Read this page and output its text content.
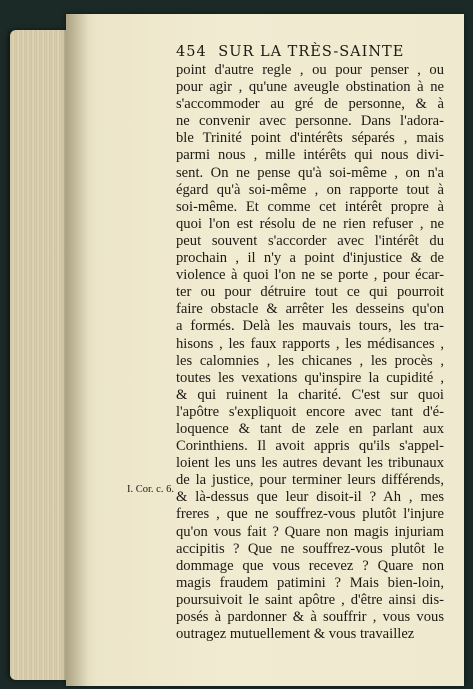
454 SUR LA TRÈS-SAINTE
I. Cor. c. 6.
point d'autre regle , ou pour penser , ou
pour agir , qu'une aveugle obstination à ne
s'accommoder au gré de personne, & à
ne convenir avec personne. Dans l'adora-
ble Trinité point d'intérêts séparés , mais
parmi nous , mille intérêts qui nous divi-
sent. On ne pense qu'à soi-même , on n'a
égard qu'à soi-même , on rapporte tout à
soi-même. Et comme cet intérêt propre à
quoi l'on est résolu de ne rien refuser , ne
peut souvent s'accorder avec l'intérêt du
prochain , il n'y a point d'injustice & de
violence à quoi l'on ne se porte , pour écar-
ter ou pour détruire tout ce qui pourroit
faire obstacle & arrêter les desseins qu'on
a formés. Delà les mauvais tours, les tra-
hisons , les faux rapports , les médisances ,
les calomnies , les chicanes , les procès ,
toutes les vexations qu'inspire la cupidité ,
& qui ruinent la charité. C'est sur quoi
l'apôtre s'expliquoit encore avec tant d'é-
loquence & tant de zele en parlant aux
Corinthiens. Il avoit appris qu'ils s'appel-
loient les uns les autres devant les tribunaux
de la justice, pour terminer leurs différends,
& là-dessus que leur disoit-il ? Ah , mes
freres , que ne souffrez-vous plutôt l'injure
qu'on vous fait ? Quare non magis injuriam
accipitis ? Que ne souffrez-vous plutôt le
dommage que vous recevez ? Quare non
magis fraudem patimini ? Mais bien-loin,
poursuivoit le saint apôtre , d'être ainsi dis-
posés à pardonner & à souffrir , vous vous
outragez mutuellement & vous travaillez
